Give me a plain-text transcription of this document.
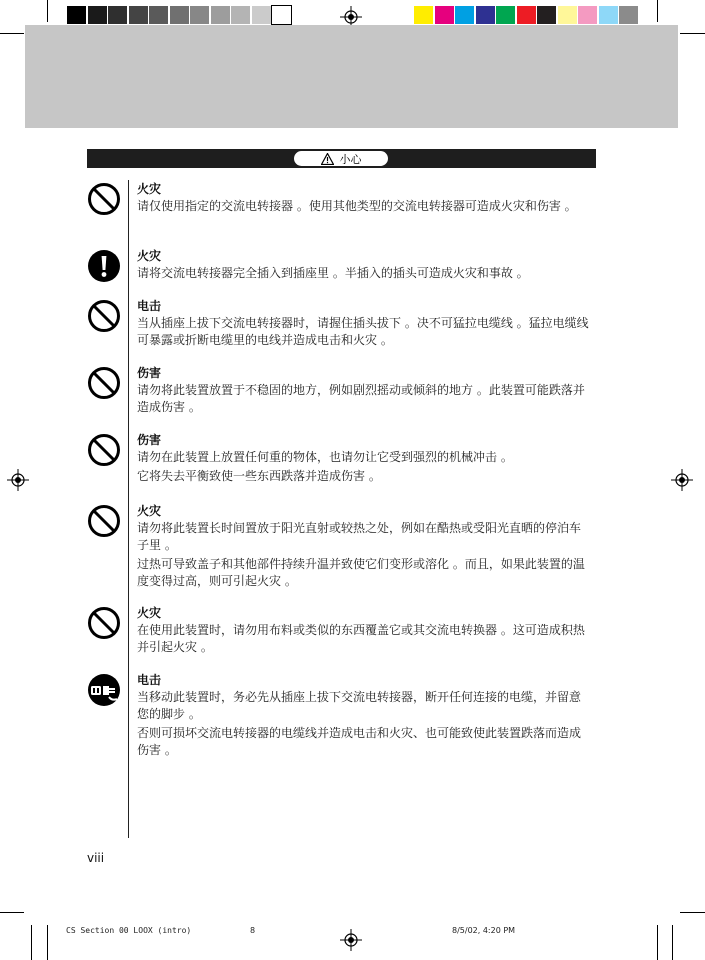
小心
火灾

请仅使用指定的交流电转接器 。使用其他类型的交流电转接器可造成火灾和伤害 。

火灾

请将交流电转接器完全插入到插座里 。半插入的插头可造成火灾和事故 。

电击

当从插座上拔下交流电转接器时，请握住插头拔下 。决不可猛拉电缆线 。猛拉电缆线可暴露或折断电缆里的电线并造成电击和火灾 。

伤害

请勿将此装置放置于不稳固的地方，例如剧烈摇动或倾斜的地方 。此装置可能跌落并造成伤害 。

伤害

请勿在此装置上放置任何重的物体，也请勿让它受到强烈的机械冲击 。

它将失去平衡致使一些东西跌落并造成伤害 。

火灾

请勿将此装置长时间置放于阳光直射或较热之处，例如在酷热或受阳光直晒的停泊车子里 。

过热可导致盖子和其他部件持续升温并致使它们变形或溶化 。而且，如果此装置的温度变得过高，则可引起火灾 。

火灾

在使用此装置时，请勿用布料或类似的东西覆盖它或其交流电转换器 。这可造成积热并引起火灾 。

电击

当移动此装置时，务必先从插座上拔下交流电转接器，断开任何连接的电缆，并留意您的脚步 。

否则可损坏交流电转接器的电缆线并造成电击和火灾、也可能致使此装置跌落而造成伤害 。

viii
CS Section 00 LOOX (intro)	8	8/5/02, 4:20 PM
